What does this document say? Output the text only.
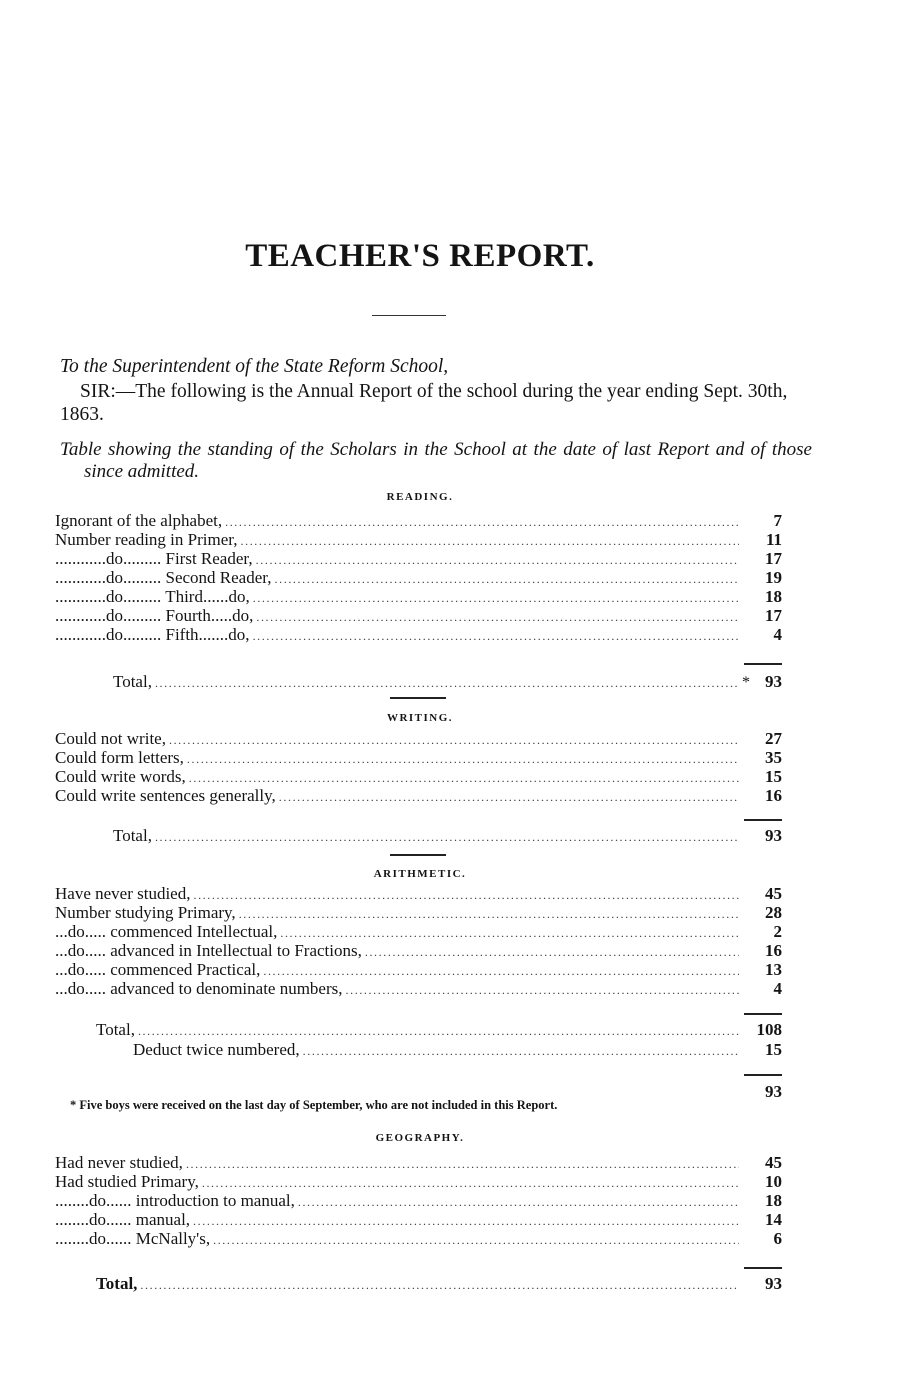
TEACHER'S REPORT.
To the Superintendent of the State Reform School,
SIR:—The following is the Annual Report of the school during the year ending Sept. 30th, 1863.
Table showing the standing of the Scholars in the School at the date of last Report and of those since admitted.
READING.
Ignorant of the alphabet, .....	7
Number reading in Primer, .....	11
............do......... First Reader, .....	17
............do......... Second Reader, .....	19
............do......... Third......do, .....	18
............do......... Fourth.....do, .....	17
............do......... Fifth.......do, .....	4
Total, .....	* 93
WRITING.
Could not write, .....	27
Could form letters, .....	35
Could write words, .....	15
Could write sentences generally, .....	16
Total, .....	93
ARITHMETIC.
Have never studied, .....	45
Number studying Primary, .....	28
...do..... commenced Intellectual, .....	2
...do..... advanced in Intellectual to Fractions, .....	16
...do..... commenced Practical, .....	13
...do..... advanced to denominate numbers, .....	4
Total, .....	108
Deduct twice numbered, .....	15
93
* Five boys were received on the last day of September, who are not included in this Report.
GEOGRAPHY.
Had never studied, .....	45
Had studied Primary, .....	10
........do...... introduction to manual, .....	18
........do...... manual, .....	14
........do...... McNally's, .....	6
Total, .....	93
